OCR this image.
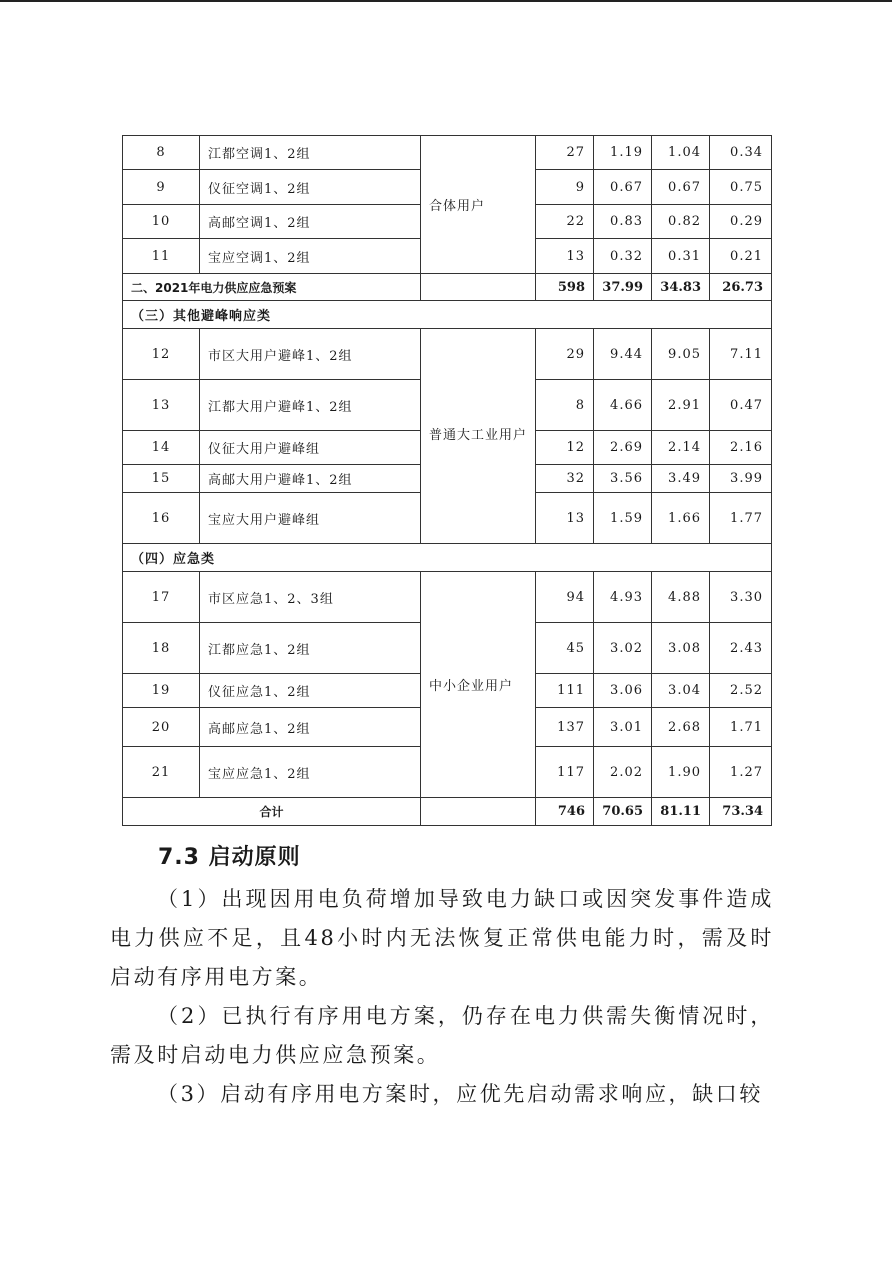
8	江都空调1、2组	合体用户	27	1.19	1.04	0.34
9	仪征空调1、2组		9	0.67	0.67	0.75
10	高邮空调1、2组		22	0.83	0.82	0.29
11	宝应空调1、2组		13	0.32	0.31	0.21
二、2021年电力供应应急预案			598	37.99	34.83	26.73
（三）其他避峰响应类						
12	市区大用户避峰1、2组	普通大工业用户	29	9.44	9.05	7.11
13	江都大用户避峰1、2组		8	4.66	2.91	0.47
14	仪征大用户避峰组		12	2.69	2.14	2.16
15	高邮大用户避峰1、2组		32	3.56	3.49	3.99
16	宝应大用户避峰组		13	1.59	1.66	1.77
（四）应急类						
17	市区应急1、2、3组	中小企业用户	94	4.93	4.88	3.30
18	江都应急1、2组		45	3.02	3.08	2.43
19	仪征应急1、2组		111	3.06	3.04	2.52
20	高邮应急1、2组		137	3.01	2.68	1.71
21	宝应应急1、2组		117	2.02	1.90	1.27
合计			746	70.65	81.11	73.34
7.3 启动原则

（1）出现因用电负荷增加导致电力缺口或因突发事件造成电力供应不足，且48小时内无法恢复正常供电能力时，需及时启动有序用电方案。

（2）已执行有序用电方案，仍存在电力供需失衡情况时，需及时启动电力供应应急预案。

（3）启动有序用电方案时，应优先启动需求响应，缺口较
